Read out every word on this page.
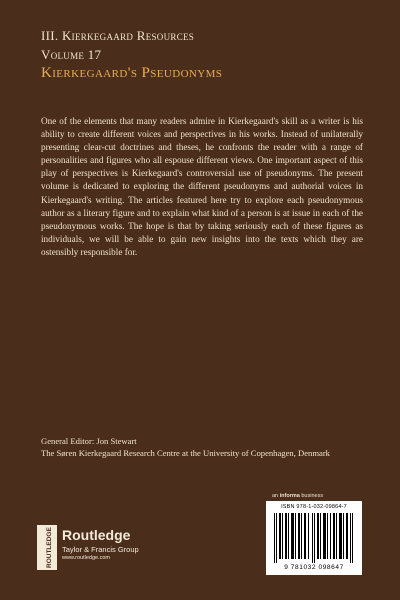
III. Kierkegaard Resources
Volume 17
Kierkegaard's Pseudonyms
One of the elements that many readers admire in Kierkegaard's skill as a writer is his ability to create different voices and perspectives in his works. Instead of unilaterally presenting clear-cut doctrines and theses, he confronts the reader with a range of personalities and figures who all espouse different views. One important aspect of this play of perspectives is Kierkegaard's controversial use of pseudonyms. The present volume is dedicated to exploring the different pseudonyms and authorial voices in Kierkegaard's writing. The articles featured here try to explore each pseudonymous author as a literary figure and to explain what kind of a person is at issue in each of the pseudonymous works. The hope is that by taking seriously each of these figures as individuals, we will be able to gain new insights into the texts which they are ostensibly responsible for.
General Editor: Jon Stewart
The Søren Kierkegaard Research Centre at the University of Copenhagen, Denmark
an informa business
ISBN 978-1-032-09864-7
9 781032 098647
ROUTLEDGE Routledge
Taylor & Francis Group
www.routledge.com
